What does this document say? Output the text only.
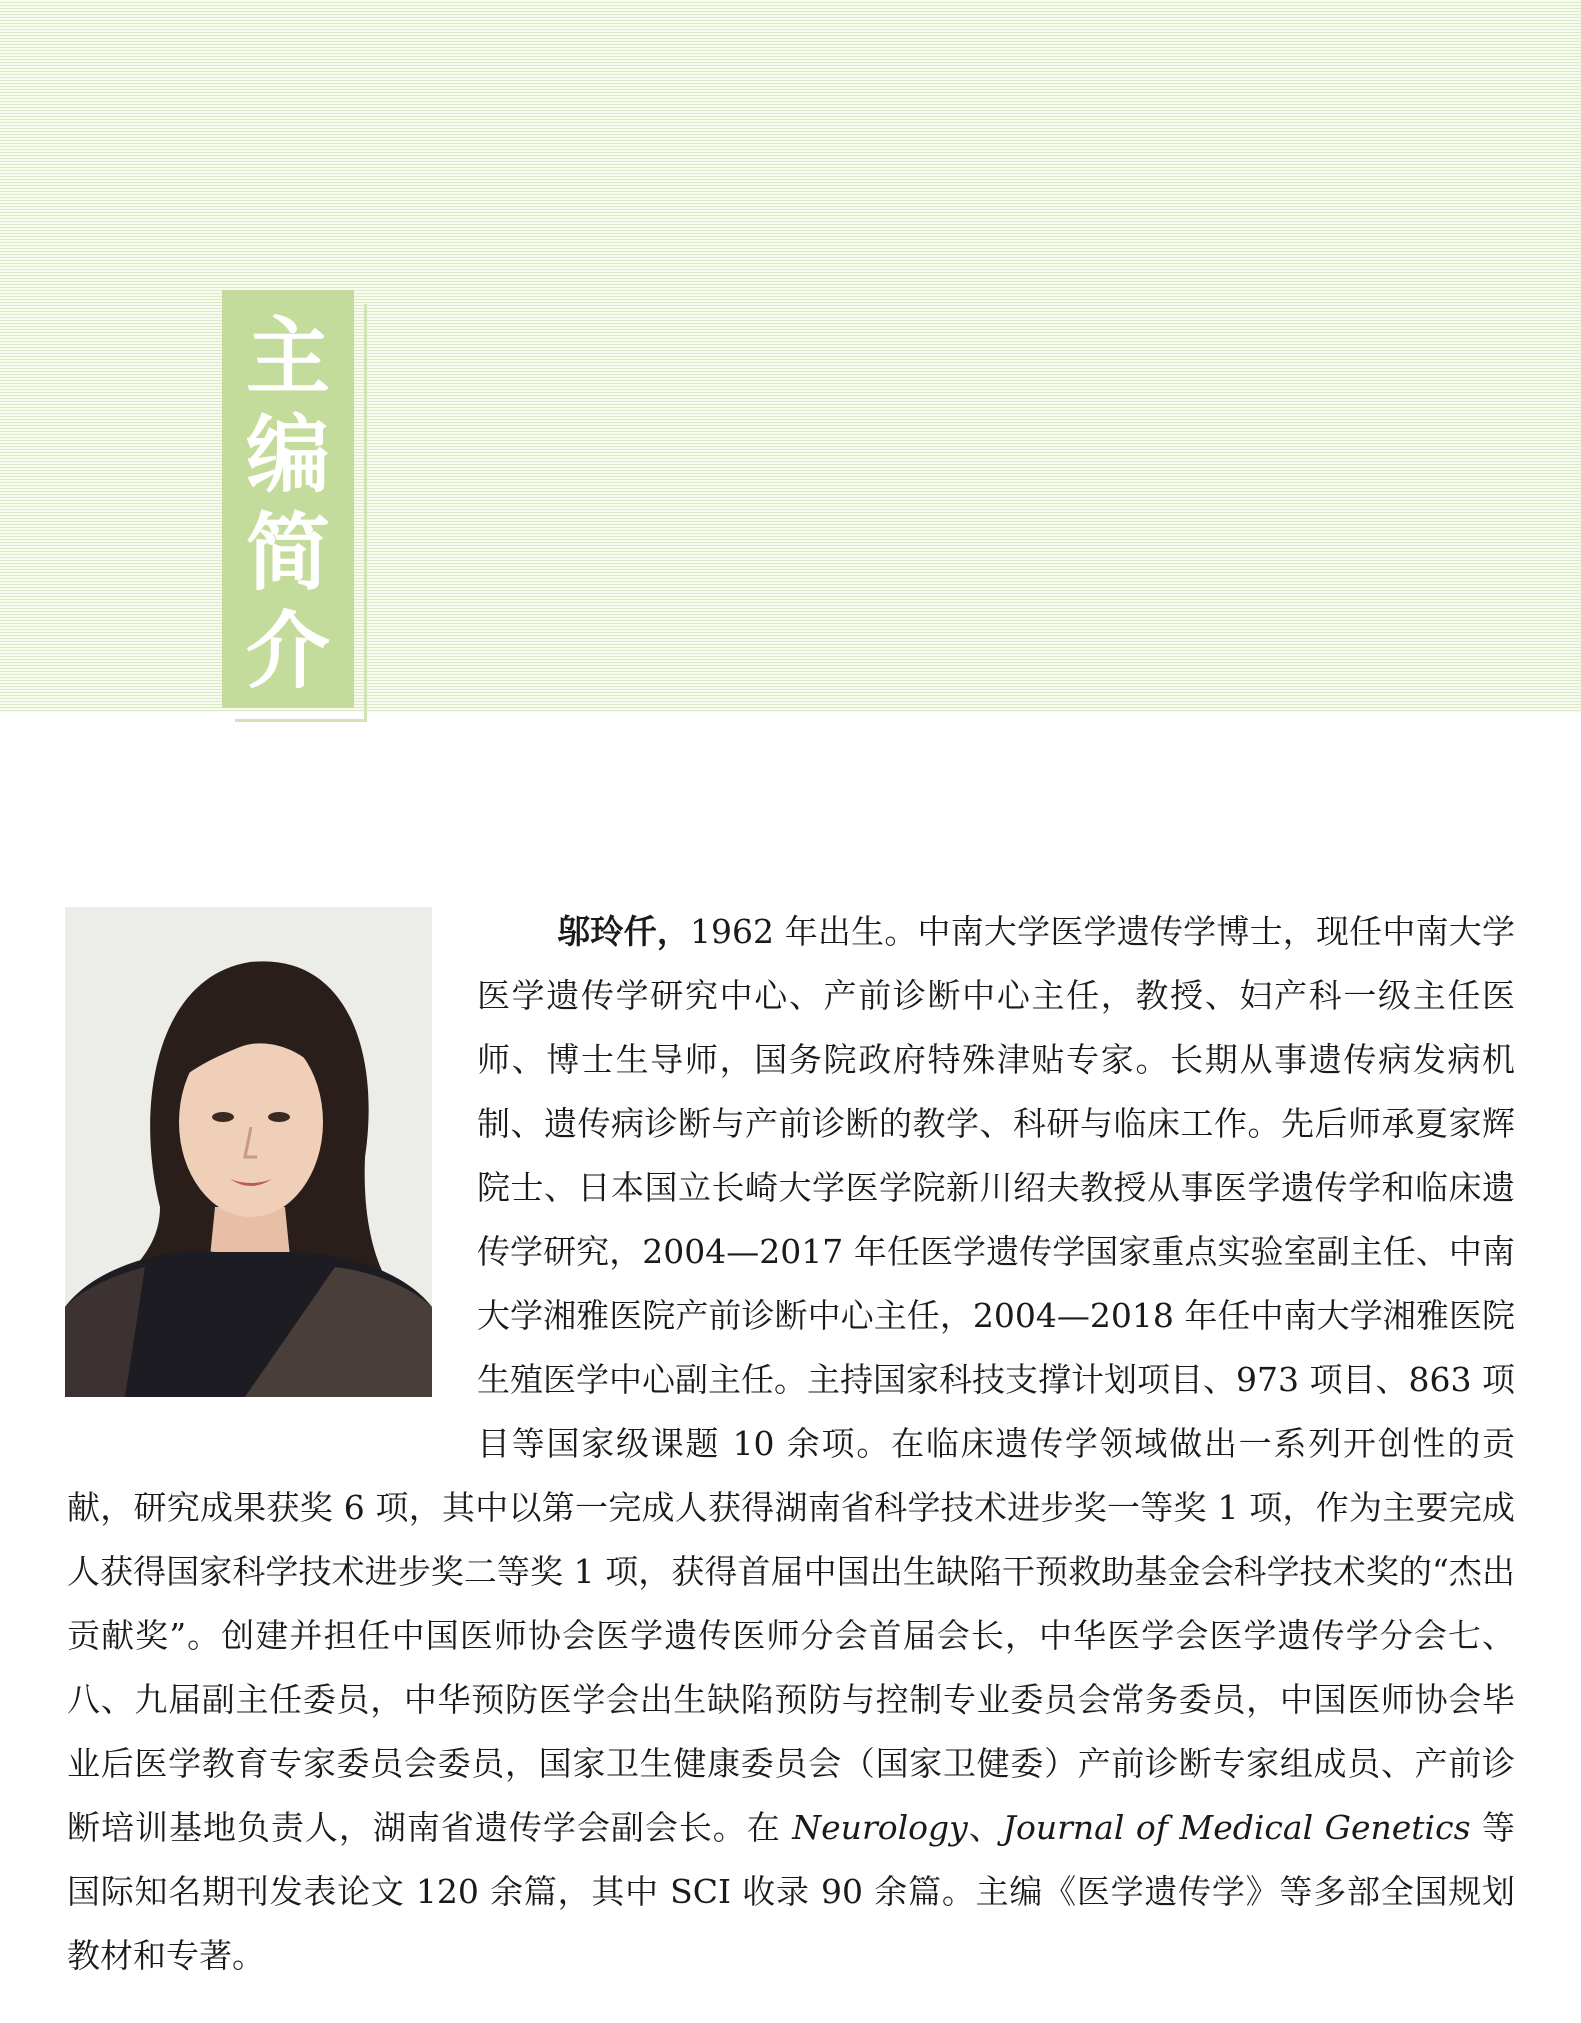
主
编
简
介
邬玲仟，1962 年出生。中南大学医学遗传学博士，现任中南大学医学遗传学研究中心、产前诊断中心主任，教授、妇产科一级主任医师、博士生导师，国务院政府特殊津贴专家。长期从事遗传病发病机制、遗传病诊断与产前诊断的教学、科研与临床工作。先后师承夏家辉院士、日本国立长崎大学医学院新川绍夫教授从事医学遗传学和临床遗传学研究，2004—2017 年任医学遗传学国家重点实验室副主任、中南大学湘雅医院产前诊断中心主任，2004—2018 年任中南大学湘雅医院生殖医学中心副主任。主持国家科技支撑计划项目、973 项目、863 项目等国家级课题 10 余项。在临床遗传学领域做出一系列开创性的贡献，研究成果获奖 6 项，其中以第一完成人获得湖南省科学技术进步奖一等奖 1 项，作为主要完成人获得国家科学技术进步奖二等奖 1 项，获得首届中国出生缺陷干预救助基金会科学技术奖的“杰出贡献奖”。创建并担任中国医师协会医学遗传医师分会首届会长，中华医学会医学遗传学分会七、八、九届副主任委员，中华预防医学会出生缺陷预防与控制专业委员会常务委员，中国医师协会毕业后医学教育专家委员会委员，国家卫生健康委员会（国家卫健委）产前诊断专家组成员、产前诊断培训基地负责人，湖南省遗传学会副会长。在 Neurology、Journal of Medical Genetics 等国际知名期刊发表论文 120 余篇，其中 SCI 收录 90 余篇。主编《医学遗传学》等多部全国规划教材和专著。
